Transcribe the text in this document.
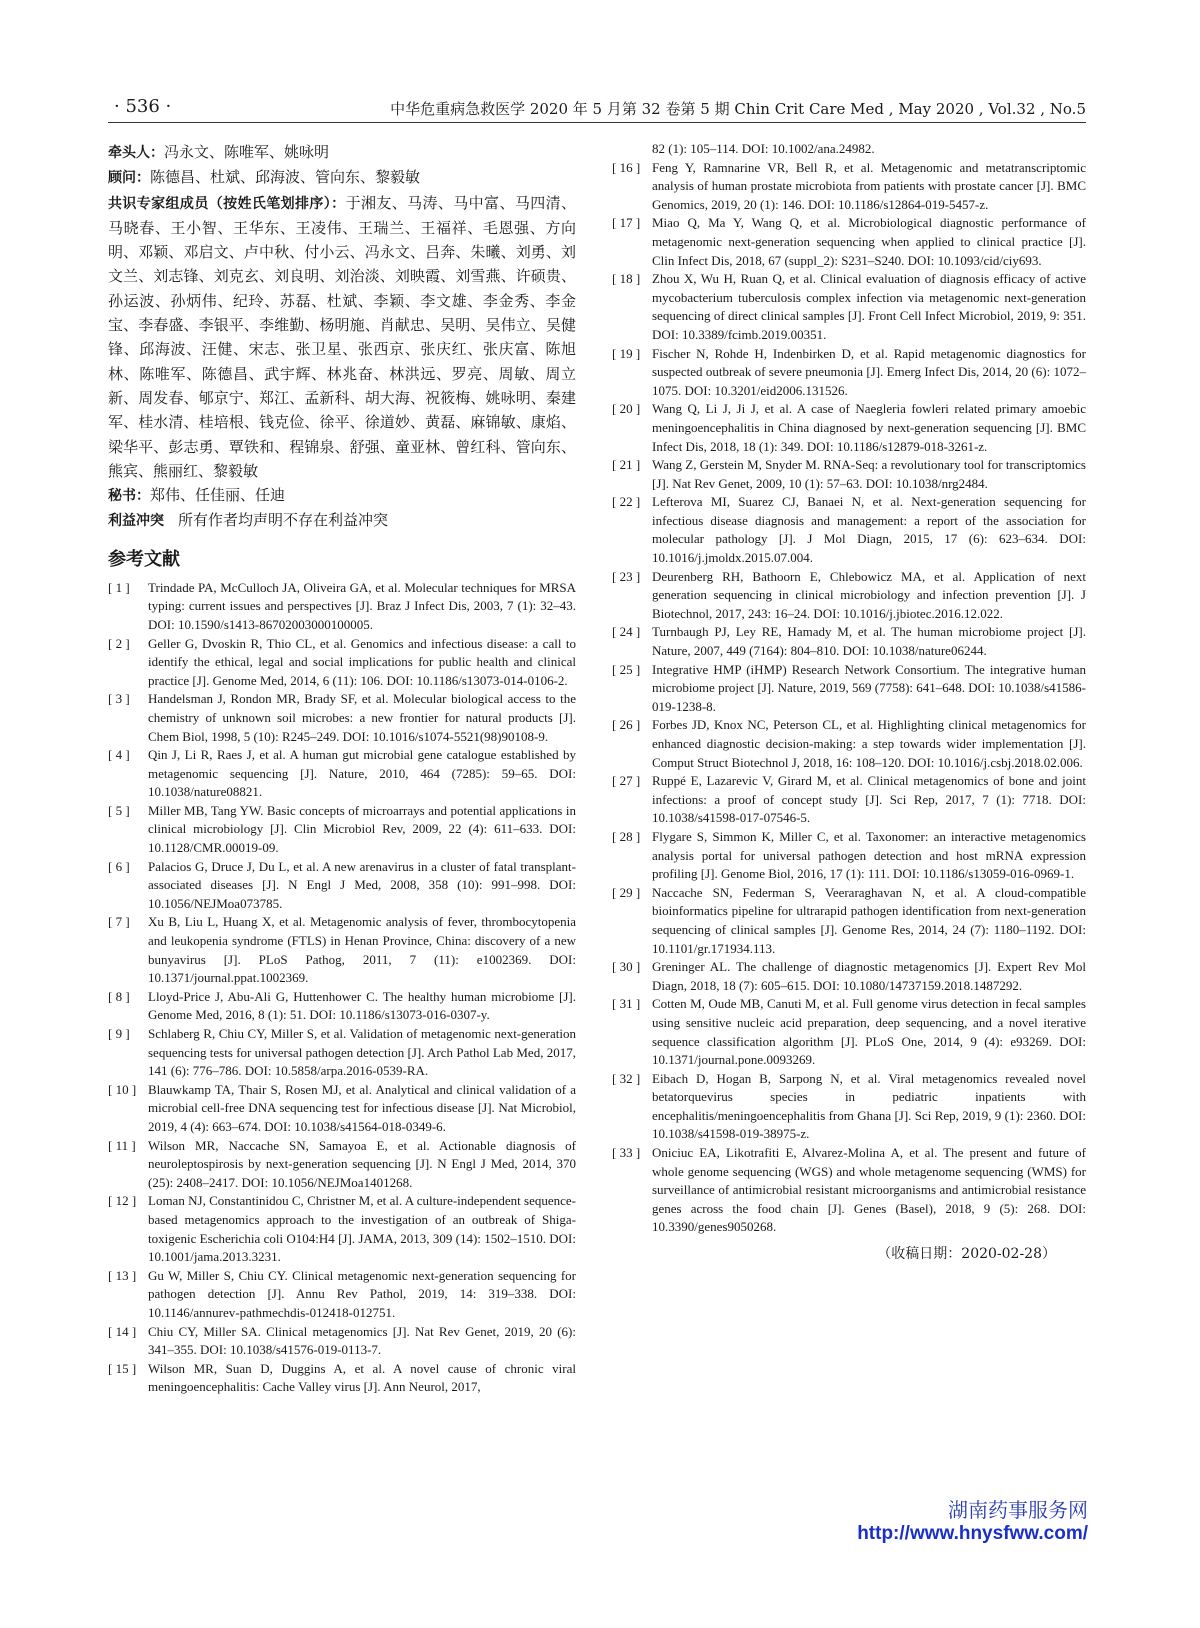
· 536 ·	中华危重病急救医学 2020 年 5 月第 32 卷第 5 期 Chin Crit Care Med , May 2020 , Vol.32 , No.5

牵头人：冯永文、陈唯军、姚咏明

顾问：陈德昌、杜斌、邱海波、管向东、黎毅敏

共识专家组成员（按姓氏笔划排序）：于湘友、马涛、马中富、马四清、马晓春、王小智、王华东、王凌伟、王瑞兰、王福祥、毛恩强、方向明、邓颖、邓启文、卢中秋、付小云、冯永文、吕奔、朱曦、刘勇、刘文兰、刘志锋、刘克玄、刘良明、刘治淡、刘映霞、刘雪燕、许硕贵、孙运波、孙炳伟、纪玲、苏磊、杜斌、李颖、李文雄、李金秀、李金宝、李春盛、李银平、李维勤、杨明施、肖献忠、吴明、吴伟立、吴健锋、邱海波、汪健、宋志、张卫星、张西京、张庆红、张庆富、陈旭林、陈唯军、陈德昌、武宇辉、林兆奋、林洪远、罗亮、周敏、周立新、周发春、郇京宁、郑江、孟新科、胡大海、祝筱梅、姚咏明、秦建军、桂水清、桂培根、钱克俭、徐平、徐道妙、黄磊、麻锦敏、康焰、梁华平、彭志勇、覃铁和、程锦泉、舒强、童亚林、曾红科、管向东、熊宾、熊丽红、黎毅敏

秘书：郑伟、任佳丽、任迪

利益冲突 所有作者均声明不存在利益冲突

参考文献
[ 1 ] Trindade PA, McCulloch JA, Oliveira GA, et al. Molecular techniques for MRSA typing: current issues and perspectives [J]. Braz J Infect Dis, 2003, 7 (1): 32–43. DOI: 10.1590/s1413-86702003000100005.
[ 2 ] Geller G, Dvoskin R, Thio CL, et al. Genomics and infectious disease: a call to identify the ethical, legal and social implications for public health and clinical practice [J]. Genome Med, 2014, 6 (11): 106. DOI: 10.1186/s13073-014-0106-2.
[ 3 ] Handelsman J, Rondon MR, Brady SF, et al. Molecular biological access to the chemistry of unknown soil microbes: a new frontier for natural products [J]. Chem Biol, 1998, 5 (10): R245–249. DOI: 10.1016/s1074-5521(98)90108-9.
[ 4 ] Qin J, Li R, Raes J, et al. A human gut microbial gene catalogue established by metagenomic sequencing [J]. Nature, 2010, 464 (7285): 59–65. DOI: 10.1038/nature08821.
[ 5 ] Miller MB, Tang YW. Basic concepts of microarrays and potential applications in clinical microbiology [J]. Clin Microbiol Rev, 2009, 22 (4): 611–633. DOI: 10.1128/CMR.00019-09.
[ 6 ] Palacios G, Druce J, Du L, et al. A new arenavirus in a cluster of fatal transplant-associated diseases [J]. N Engl J Med, 2008, 358 (10): 991–998. DOI: 10.1056/NEJMoa073785.
[ 7 ] Xu B, Liu L, Huang X, et al. Metagenomic analysis of fever, thrombocytopenia and leukopenia syndrome (FTLS) in Henan Province, China: discovery of a new bunyavirus [J]. PLoS Pathog, 2011, 7 (11): e1002369. DOI: 10.1371/journal.ppat.1002369.
[ 8 ] Lloyd-Price J, Abu-Ali G, Huttenhower C. The healthy human microbiome [J]. Genome Med, 2016, 8 (1): 51. DOI: 10.1186/s13073-016-0307-y.
[ 9 ] Schlaberg R, Chiu CY, Miller S, et al. Validation of metagenomic next-generation sequencing tests for universal pathogen detection [J]. Arch Pathol Lab Med, 2017, 141 (6): 776–786. DOI: 10.5858/arpa.2016-0539-RA.
[ 10 ] Blauwkamp TA, Thair S, Rosen MJ, et al. Analytical and clinical validation of a microbial cell-free DNA sequencing test for infectious disease [J]. Nat Microbiol, 2019, 4 (4): 663–674. DOI: 10.1038/s41564-018-0349-6.
[ 11 ] Wilson MR, Naccache SN, Samayoa E, et al. Actionable diagnosis of neuroleptospirosis by next-generation sequencing [J]. N Engl J Med, 2014, 370 (25): 2408–2417. DOI: 10.1056/NEJMoa1401268.
[ 12 ] Loman NJ, Constantinidou C, Christner M, et al. A culture-independent sequence-based metagenomics approach to the investigation of an outbreak of Shiga-toxigenic Escherichia coli O104:H4 [J]. JAMA, 2013, 309 (14): 1502–1510. DOI: 10.1001/jama.2013.3231.
[ 13 ] Gu W, Miller S, Chiu CY. Clinical metagenomic next-generation sequencing for pathogen detection [J]. Annu Rev Pathol, 2019, 14: 319–338. DOI: 10.1146/annurev-pathmechdis-012418-012751.
[ 14 ] Chiu CY, Miller SA. Clinical metagenomics [J]. Nat Rev Genet, 2019, 20 (6): 341–355. DOI: 10.1038/s41576-019-0113-7.
[ 15 ] Wilson MR, Suan D, Duggins A, et al. A novel cause of chronic viral meningoencephalitis: Cache Valley virus [J]. Ann Neurol, 2017,
82 (1): 105–114. DOI: 10.1002/ana.24982.
[ 16 ] Feng Y, Ramnarine VR, Bell R, et al. Metagenomic and metatranscriptomic analysis of human prostate microbiota from patients with prostate cancer [J]. BMC Genomics, 2019, 20 (1): 146. DOI: 10.1186/s12864-019-5457-z.
[ 17 ] Miao Q, Ma Y, Wang Q, et al. Microbiological diagnostic performance of metagenomic next-generation sequencing when applied to clinical practice [J]. Clin Infect Dis, 2018, 67 (suppl_2): S231–S240. DOI: 10.1093/cid/ciy693.
[ 18 ] Zhou X, Wu H, Ruan Q, et al. Clinical evaluation of diagnosis efficacy of active mycobacterium tuberculosis complex infection via metagenomic next-generation sequencing of direct clinical samples [J]. Front Cell Infect Microbiol, 2019, 9: 351. DOI: 10.3389/fcimb.2019.00351.
[ 19 ] Fischer N, Rohde H, Indenbirken D, et al. Rapid metagenomic diagnostics for suspected outbreak of severe pneumonia [J]. Emerg Infect Dis, 2014, 20 (6): 1072–1075. DOI: 10.3201/eid2006.131526.
[ 20 ] Wang Q, Li J, Ji J, et al. A case of Naegleria fowleri related primary amoebic meningoencephalitis in China diagnosed by next-generation sequencing [J]. BMC Infect Dis, 2018, 18 (1): 349. DOI: 10.1186/s12879-018-3261-z.
[ 21 ] Wang Z, Gerstein M, Snyder M. RNA-Seq: a revolutionary tool for transcriptomics [J]. Nat Rev Genet, 2009, 10 (1): 57–63. DOI: 10.1038/nrg2484.
[ 22 ] Lefterova MI, Suarez CJ, Banaei N, et al. Next-generation sequencing for infectious disease diagnosis and management: a report of the association for molecular pathology [J]. J Mol Diagn, 2015, 17 (6): 623–634. DOI: 10.1016/j.jmoldx.2015.07.004.
[ 23 ] Deurenberg RH, Bathoorn E, Chlebowicz MA, et al. Application of next generation sequencing in clinical microbiology and infection prevention [J]. J Biotechnol, 2017, 243: 16–24. DOI: 10.1016/j.jbiotec.2016.12.022.
[ 24 ] Turnbaugh PJ, Ley RE, Hamady M, et al. The human microbiome project [J]. Nature, 2007, 449 (7164): 804–810. DOI: 10.1038/nature06244.
[ 25 ] Integrative HMP (iHMP) Research Network Consortium. The integrative human microbiome project [J]. Nature, 2019, 569 (7758): 641–648. DOI: 10.1038/s41586-019-1238-8.
[ 26 ] Forbes JD, Knox NC, Peterson CL, et al. Highlighting clinical metagenomics for enhanced diagnostic decision-making: a step towards wider implementation [J]. Comput Struct Biotechnol J, 2018, 16: 108–120. DOI: 10.1016/j.csbj.2018.02.006.
[ 27 ] Ruppé E, Lazarevic V, Girard M, et al. Clinical metagenomics of bone and joint infections: a proof of concept study [J]. Sci Rep, 2017, 7 (1): 7718. DOI: 10.1038/s41598-017-07546-5.
[ 28 ] Flygare S, Simmon K, Miller C, et al. Taxonomer: an interactive metagenomics analysis portal for universal pathogen detection and host mRNA expression profiling [J]. Genome Biol, 2016, 17 (1): 111. DOI: 10.1186/s13059-016-0969-1.
[ 29 ] Naccache SN, Federman S, Veeraraghavan N, et al. A cloud-compatible bioinformatics pipeline for ultrarapid pathogen identification from next-generation sequencing of clinical samples [J]. Genome Res, 2014, 24 (7): 1180–1192. DOI: 10.1101/gr.171934.113.
[ 30 ] Greninger AL. The challenge of diagnostic metagenomics [J]. Expert Rev Mol Diagn, 2018, 18 (7): 605–615. DOI: 10.1080/14737159.2018.1487292.
[ 31 ] Cotten M, Oude MB, Canuti M, et al. Full genome virus detection in fecal samples using sensitive nucleic acid preparation, deep sequencing, and a novel iterative sequence classification algorithm [J]. PLoS One, 2014, 9 (4): e93269. DOI: 10.1371/journal.pone.0093269.
[ 32 ] Eibach D, Hogan B, Sarpong N, et al. Viral metagenomics revealed novel betatorquevirus species in pediatric inpatients with encephalitis/meningoencephalitis from Ghana [J]. Sci Rep, 2019, 9 (1): 2360. DOI: 10.1038/s41598-019-38975-z.
[ 33 ] Oniciuc EA, Likotrafiti E, Alvarez-Molina A, et al. The present and future of whole genome sequencing (WGS) and whole metagenome sequencing (WMS) for surveillance of antimicrobial resistant microorganisms and antimicrobial resistance genes across the food chain [J]. Genes (Basel), 2018, 9 (5): 268. DOI: 10.3390/genes9050268.
（收稿日期：2020-02-28）
湖南药事服务网
http://www.hnysfww.com/
